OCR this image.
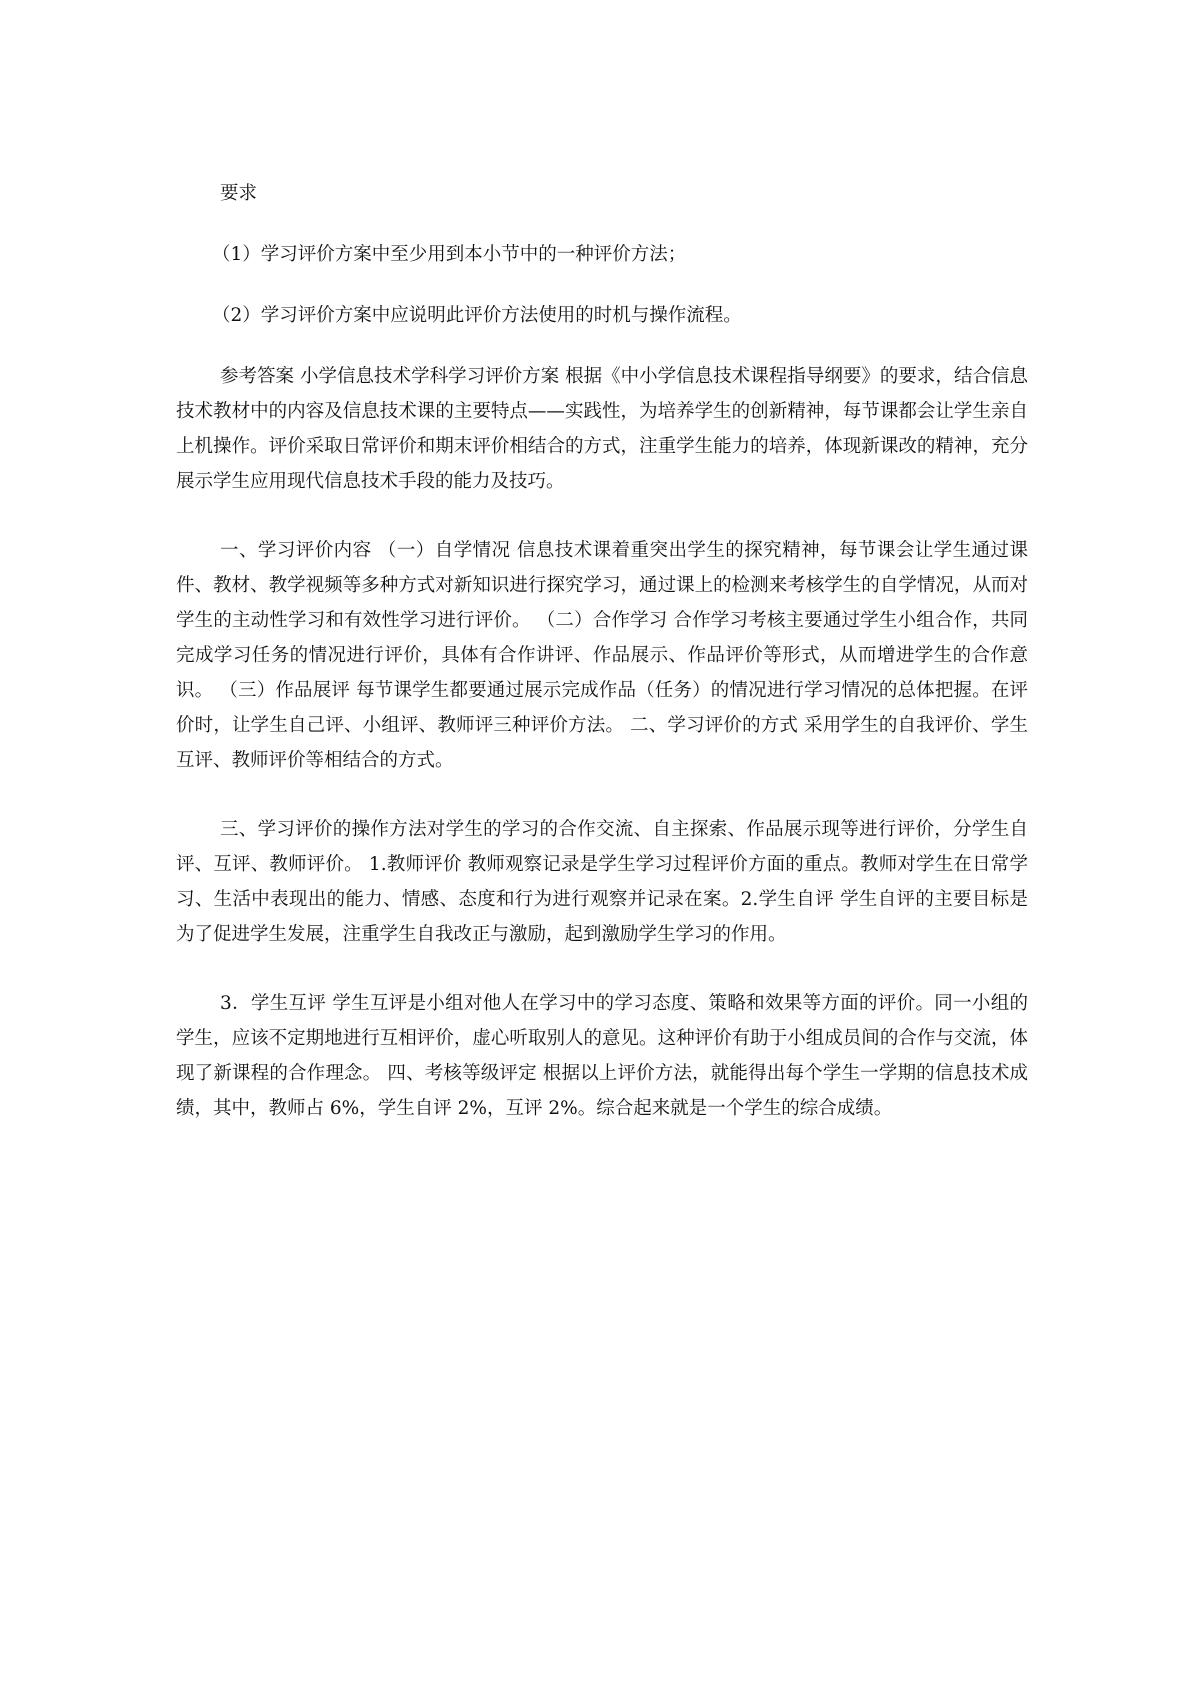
要求

（1）学习评价方案中至少用到本小节中的一种评价方法；

（2）学习评价方案中应说明此评价方法使用的时机与操作流程。

参考答案 小学信息技术学科学习评价方案 根据《中小学信息技术课程指导纲要》的要求，结合信息技术教材中的内容及信息技术课的主要特点——实践性，为培养学生的创新精神，每节课都会让学生亲自上机操作。评价采取日常评价和期末评价相结合的方式，注重学生能力的培养，体现新课改的精神，充分展示学生应用现代信息技术手段的能力及技巧。

一、学习评价内容 （一）自学情况 信息技术课着重突出学生的探究精神，每节课会让学生通过课件、教材、教学视频等多种方式对新知识进行探究学习，通过课上的检测来考核学生的自学情况，从而对学生的主动性学习和有效性学习进行评价。 （二）合作学习 合作学习考核主要通过学生小组合作，共同完成学习任务的情况进行评价，具体有合作讲评、作品展示、作品评价等形式，从而增进学生的合作意识。 （三）作品展评 每节课学生都要通过展示完成作品（任务）的情况进行学习情况的总体把握。在评价时，让学生自己评、小组评、教师评三种评价方法。 二、学习评价的方式 采用学生的自我评价、学生互评、教师评价等相结合的方式。

三、学习评价的操作方法对学生的学习的合作交流、自主探索、作品展示现等进行评价，分学生自评、互评、教师评价。 1.教师评价 教师观察记录是学生学习过程评价方面的重点。教师对学生在日常学习、生活中表现出的能力、情感、态度和行为进行观察并记录在案。2.学生自评 学生自评的主要目标是为了促进学生发展，注重学生自我改正与激励，起到激励学生学习的作用。

3．学生互评 学生互评是小组对他人在学习中的学习态度、策略和效果等方面的评价。同一小组的学生，应该不定期地进行互相评价，虚心听取别人的意见。这种评价有助于小组成员间的合作与交流，体现了新课程的合作理念。 四、考核等级评定 根据以上评价方法，就能得出每个学生一学期的信息技术成绩，其中，教师占 6%，学生自评 2%，互评 2%。综合起来就是一个学生的综合成绩。
